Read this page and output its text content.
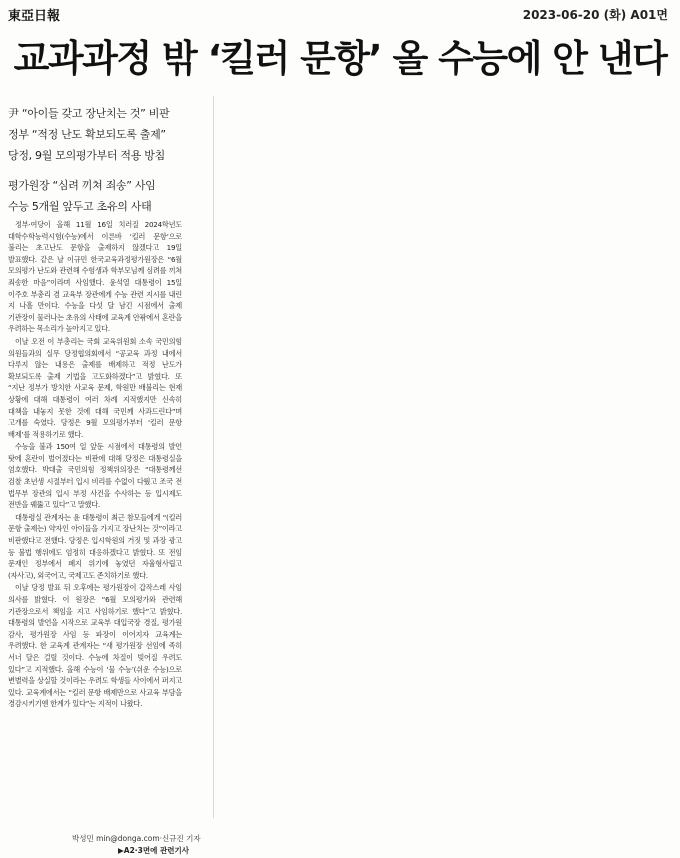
東亞日報	2023-06-20 (화) A01면
교과과정 밖 ‘킬러 문항’ 올 수능에 안 낸다
尹 “아이들 갖고 장난치는 것” 비판
정부 “적정 난도 확보되도록 출제”
당정, 9월 모의평가부터 적용 방침
평가원장 “심려 끼쳐 죄송” 사임
수능 5개월 앞두고 초유의 사태

정부·여당이 올해 11월 16일 치러질 2024학년도 대학수학능력시험(수능)에서 이른바 ‘킬러 문항’으로 불리는 초고난도 문항을 출제하지 않겠다고 19일 발표했다. 같은 날 이규민 한국교육과정평가원장은 “6월 모의평가 난도와 관련해 수험생과 학부모님께 심려를 끼쳐 죄송한 마음”이라며 사임했다. 윤석열 대통령이 15일 이주호 부총리 겸 교육부 장관에게 수능 관련 지시를 내린 지 나흘 만이다. 수능을 다섯 달 남긴 시점에서 출제 기관장이 물러나는 초유의 사태에 교육계 안팎에서 혼란을 우려하는 목소리가 높아지고 있다.

이날 오전 이 부총리는 국회 교육위원회 소속 국민의힘 의원들과의 실무 당정협의회에서 “공교육 과정 내에서 다루지 않는 내용은 출제를 배제하고 적정 난도가 확보되도록 출제 기법을 고도화하겠다”고 밝혔다. 또 “지난 정부가 방치한 사교육 문제, 학원만 배불리는 현재 상황에 대해 대통령이 여러 차례 지적했지만 신속히 대책을 내놓지 못한 것에 대해 국민께 사과드린다”며 고개를 숙였다. 당정은 9월 모의평가부터 ‘킬러 문항 배제’를 적용하기로 했다.

수능을 불과 150여 일 앞둔 시점에서 대통령의 발언 탓에 혼란이 벌어졌다는 비판에 대해 당정은 대통령실을 엄호했다. 박대출 국민의힘 정책위의장은 “대통령께선 검찰 초년생 시절부터 입시 비리를 수없이 다뤘고 조국 전 법무부 장관의 입시 부정 사건을 수사하는 등 입시제도 전반을 꿰뚫고 있다”고 말했다.

대통령실 관계자는 윤 대통령이 최근 참모들에게 “(킬러 문항 출제는) 약자인 아이들을 가지고 장난치는 것”이라고 비판했다고 전했다. 당정은 입시학원의 거짓 및 과장 광고 등 불법 행위에도 엄정히 대응하겠다고 밝혔다. 또 전임 문재인 정부에서 폐지 위기에 놓였던 자율형사립고(자사고), 외국어고, 국제고도 존치하기로 했다.

이날 당정 발표 뒤 오후에는 평가원장이 갑작스레 사임 의사를 밝혔다. 이 원장은 “6월 모의평가와 관련해 기관장으로서 책임을 지고 사임하기로 했다”고 밝혔다. 대통령의 발언을 시작으로 교육부 대입국장 경질, 평가원 감사, 평가원장 사임 등 파장이 이어지자 교육계는 우려했다. 한 교육계 관계자는 “새 평가원장 선임에 족히 서너 달은 걸릴 것이다. 수능에 차질이 빚어질 우려도 있다”고 지적했다. 올해 수능이 ‘물 수능’(쉬운 수능)으로 변별력을 상실할 것이라는 우려도 학생들 사이에서 퍼지고 있다. 교육계에서는 “킬러 문항 배제만으로 사교육 부담을 경감시키기엔 한계가 있다”는 지적이 나왔다.

박성민 min@donga.com·신규진 기자
▶A2·3면에 관련기사
